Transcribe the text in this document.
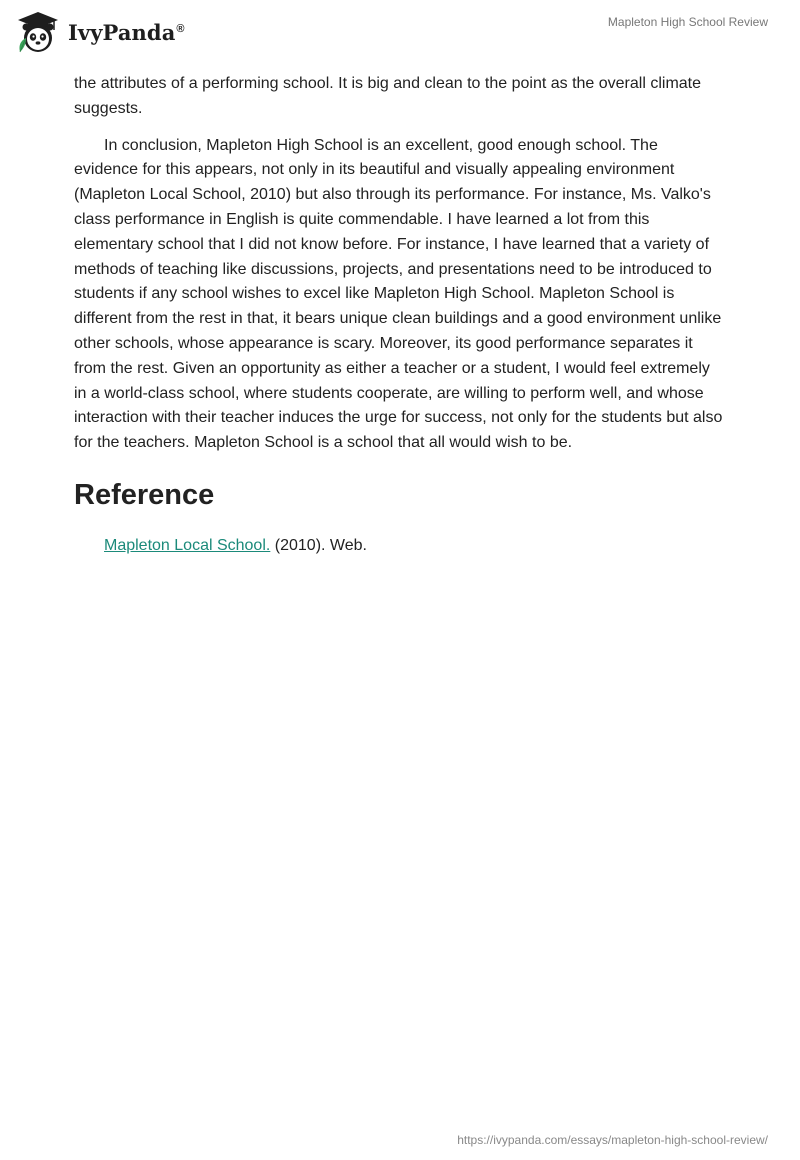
IvyPanda®	Mapleton High School Review

the attributes of a performing school. It is big and clean to the point as the overall climate suggests.

In conclusion, Mapleton High School is an excellent, good enough school. The evidence for this appears, not only in its beautiful and visually appealing environment (Mapleton Local School, 2010) but also through its performance. For instance, Ms. Valko's class performance in English is quite commendable. I have learned a lot from this elementary school that I did not know before. For instance, I have learned that a variety of methods of teaching like discussions, projects, and presentations need to be introduced to students if any school wishes to excel like Mapleton High School. Mapleton School is different from the rest in that, it bears unique clean buildings and a good environment unlike other schools, whose appearance is scary. Moreover, its good performance separates it from the rest. Given an opportunity as either a teacher or a student, I would feel extremely in a world-class school, where students cooperate, are willing to perform well, and whose interaction with their teacher induces the urge for success, not only for the students but also for the teachers. Mapleton School is a school that all would wish to be.

Reference

Mapleton Local School. (2010). Web.

https://ivypanda.com/essays/mapleton-high-school-review/
